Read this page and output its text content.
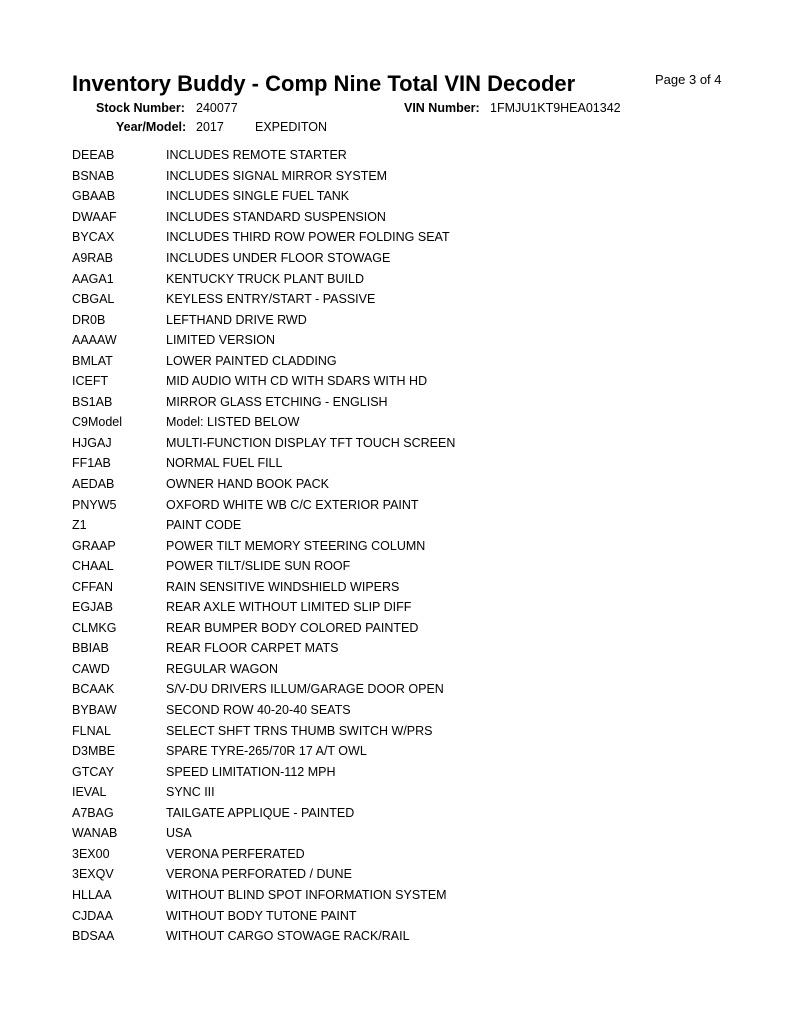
Inventory Buddy - Comp Nine Total VIN Decoder	Page 3 of 4
Stock Number: 240077	VIN Number: 1FMJU1KT9HEA01342
Year/Model: 2017 EXPEDITON
DEEAB	INCLUDES REMOTE STARTER
BSNAB	INCLUDES SIGNAL MIRROR SYSTEM
GBAAB	INCLUDES SINGLE FUEL TANK
DWAAF	INCLUDES STANDARD SUSPENSION
BYCAX	INCLUDES THIRD ROW POWER FOLDING SEAT
A9RAB	INCLUDES UNDER FLOOR STOWAGE
AAGA1	KENTUCKY TRUCK PLANT BUILD
CBGAL	KEYLESS ENTRY/START - PASSIVE
DR0B	LEFTHAND DRIVE RWD
AAAAW	LIMITED VERSION
BMLAT	LOWER PAINTED CLADDING
ICEFT	MID AUDIO WITH CD WITH SDARS WITH HD
BS1AB	MIRROR GLASS ETCHING - ENGLISH
C9Model	Model: LISTED BELOW
HJGAJ	MULTI-FUNCTION DISPLAY TFT TOUCH SCREEN
FF1AB	NORMAL FUEL FILL
AEDAB	OWNER HAND BOOK PACK
PNYW5	OXFORD WHITE WB C/C EXTERIOR PAINT
Z1	PAINT CODE
GRAAP	POWER TILT MEMORY STEERING COLUMN
CHAAL	POWER TILT/SLIDE SUN ROOF
CFFAN	RAIN SENSITIVE WINDSHIELD WIPERS
EGJAB	REAR AXLE WITHOUT LIMITED SLIP DIFF
CLMKG	REAR BUMPER BODY COLORED PAINTED
BBIAB	REAR FLOOR CARPET MATS
CAWD	REGULAR WAGON
BCAAK	S/V-DU DRIVERS ILLUM/GARAGE DOOR OPEN
BYBAW	SECOND ROW 40-20-40 SEATS
FLNAL	SELECT SHFT TRNS THUMB SWITCH W/PRS
D3MBE	SPARE TYRE-265/70R 17 A/T OWL
GTCAY	SPEED LIMITATION-112 MPH
IEVAL	SYNC III
A7BAG	TAILGATE APPLIQUE - PAINTED
WANAB	USA
3EX00	VERONA PERFERATED
3EXQV	VERONA PERFORATED / DUNE
HLLAA	WITHOUT BLIND SPOT INFORMATION SYSTEM
CJDAA	WITHOUT BODY TUTONE PAINT
BDSAA	WITHOUT CARGO STOWAGE RACK/RAIL
